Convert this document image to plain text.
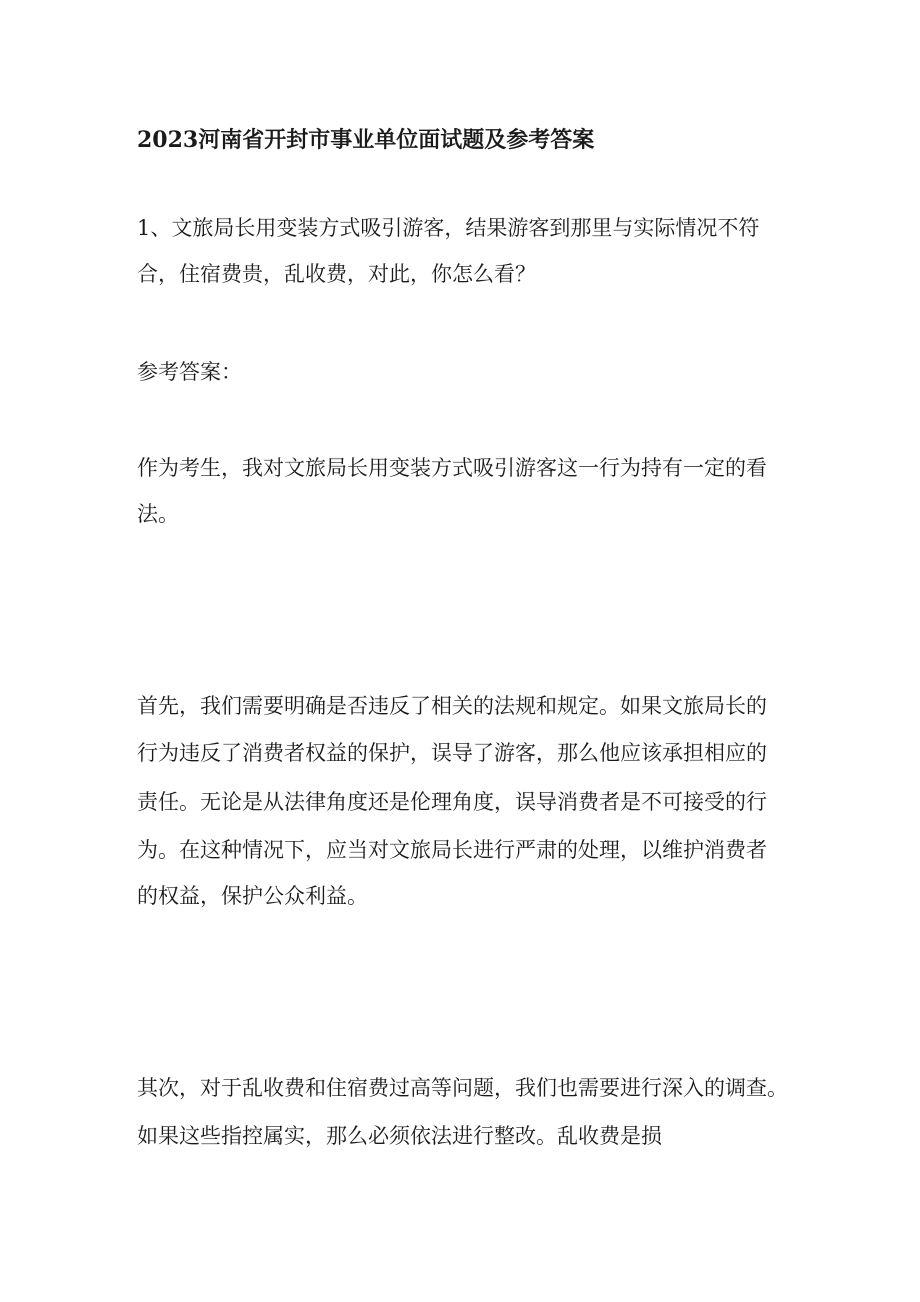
2023河南省开封市事业单位面试题及参考答案
1、文旅局长用变装方式吸引游客，结果游客到那里与实际情况不符
合，住宿费贵，乱收费，对此，你怎么看？
参考答案：
作为考生，我对文旅局长用变装方式吸引游客这一行为持有一定的看
法。
首先，我们需要明确是否违反了相关的法规和规定。如果文旅局长的
行为违反了消费者权益的保护，误导了游客，那么他应该承担相应的
责任。无论是从法律角度还是伦理角度，误导消费者是不可接受的行
为。在这种情况下，应当对文旅局长进行严肃的处理，以维护消费者
的权益，保护公众利益。
其次，对于乱收费和住宿费过高等问题，我们也需要进行深入的调查。
如果这些指控属实，那么必须依法进行整改。乱收费是损
